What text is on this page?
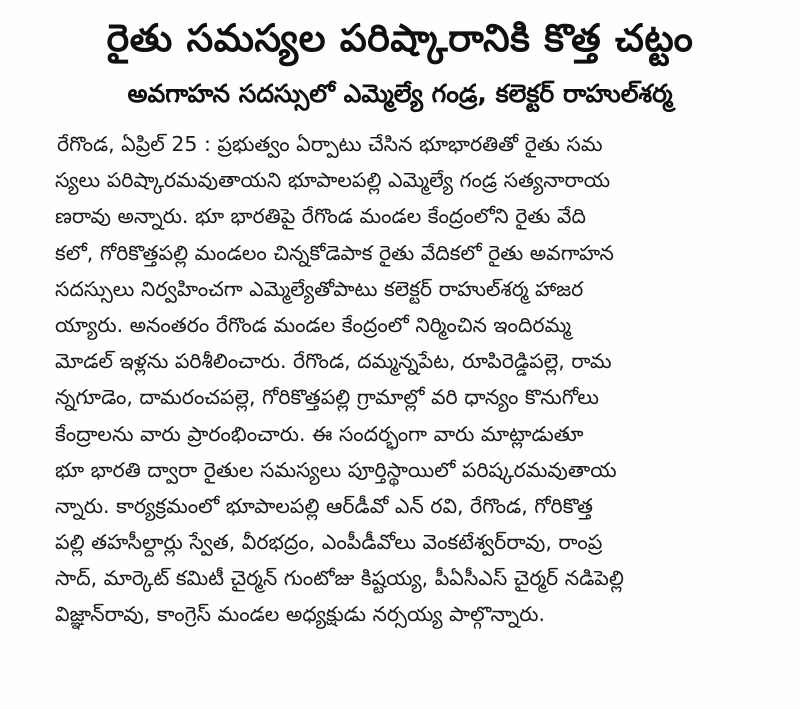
రైతు సమస్యల పరిష్కారానికి కొత్త చట్టం
అవగాహన సదస్సులో ఎమ్మెల్యే గండ్ర, కలెక్టర్ రాహుల్‌శర్మ
రేగొండ, ఏప్రిల్ 25 : ప్రభుత్వం ఏర్పాటు చేసిన భూభారతితో రైతు సమ
స్యలు పరిష్కారమవుతాయని భూపాలపల్లి ఎమ్మెల్యే గండ్ర సత్యనారాయ
ణరావు అన్నారు. భూ భారతిపై రేగొండ మండల కేంద్రంలోని రైతు వేది
కలో, గోరికొత్తపల్లి మండలం చిన్నకోడెపాక రైతు వేదికలో రైతు అవగాహన
సదస్సులు నిర్వహించగా ఎమ్మెల్యేతోపాటు కలెక్టర్ రాహుల్‌శర్మ హాజర
య్యారు. అనంతరం రేగొండ మండల కేంద్రంలో నిర్మించిన ఇందిరమ్మ
మోడల్ ఇళ్లను పరిశీలించారు. రేగొండ, దమ్మన్నపేట, రూపిరెడ్డిపల్లె, రామ
న్నగూడెం, దామరంచపల్లె, గోరికొత్తపల్లి గ్రామాల్లో వరి ధాన్యం కొనుగోలు
కేంద్రాలను వారు ప్రారంభించారు. ఈ సందర్భంగా వారు మాట్లాడుతూ
భూ భారతి ద్వారా రైతుల సమస్యలు పూర్తిస్థాయిలో పరిష్కరమవుతాయ
న్నారు. కార్యక్రమంలో భూపాలపల్లి ఆర్‌డీవో ఎన్ రవి, రేగొండ, గోరికొత్త
పల్లి తహసీల్దార్లు స్వేత, వీరభద్రం, ఎంపీడీవోలు వెంకటేశ్వర్‌రావు, రాంప్ర
సాద్, మార్కెట్ కమిటీ చైర్మన్ గుంటోజు కిష్టయ్య, పీఏసీఎస్ చైర్మర్ నడిపెల్లి
విజ్ఞాన్‌రావు, కాంగ్రెస్ మండల అధ్యక్షుడు నర్సయ్య పాల్గొన్నారు.
